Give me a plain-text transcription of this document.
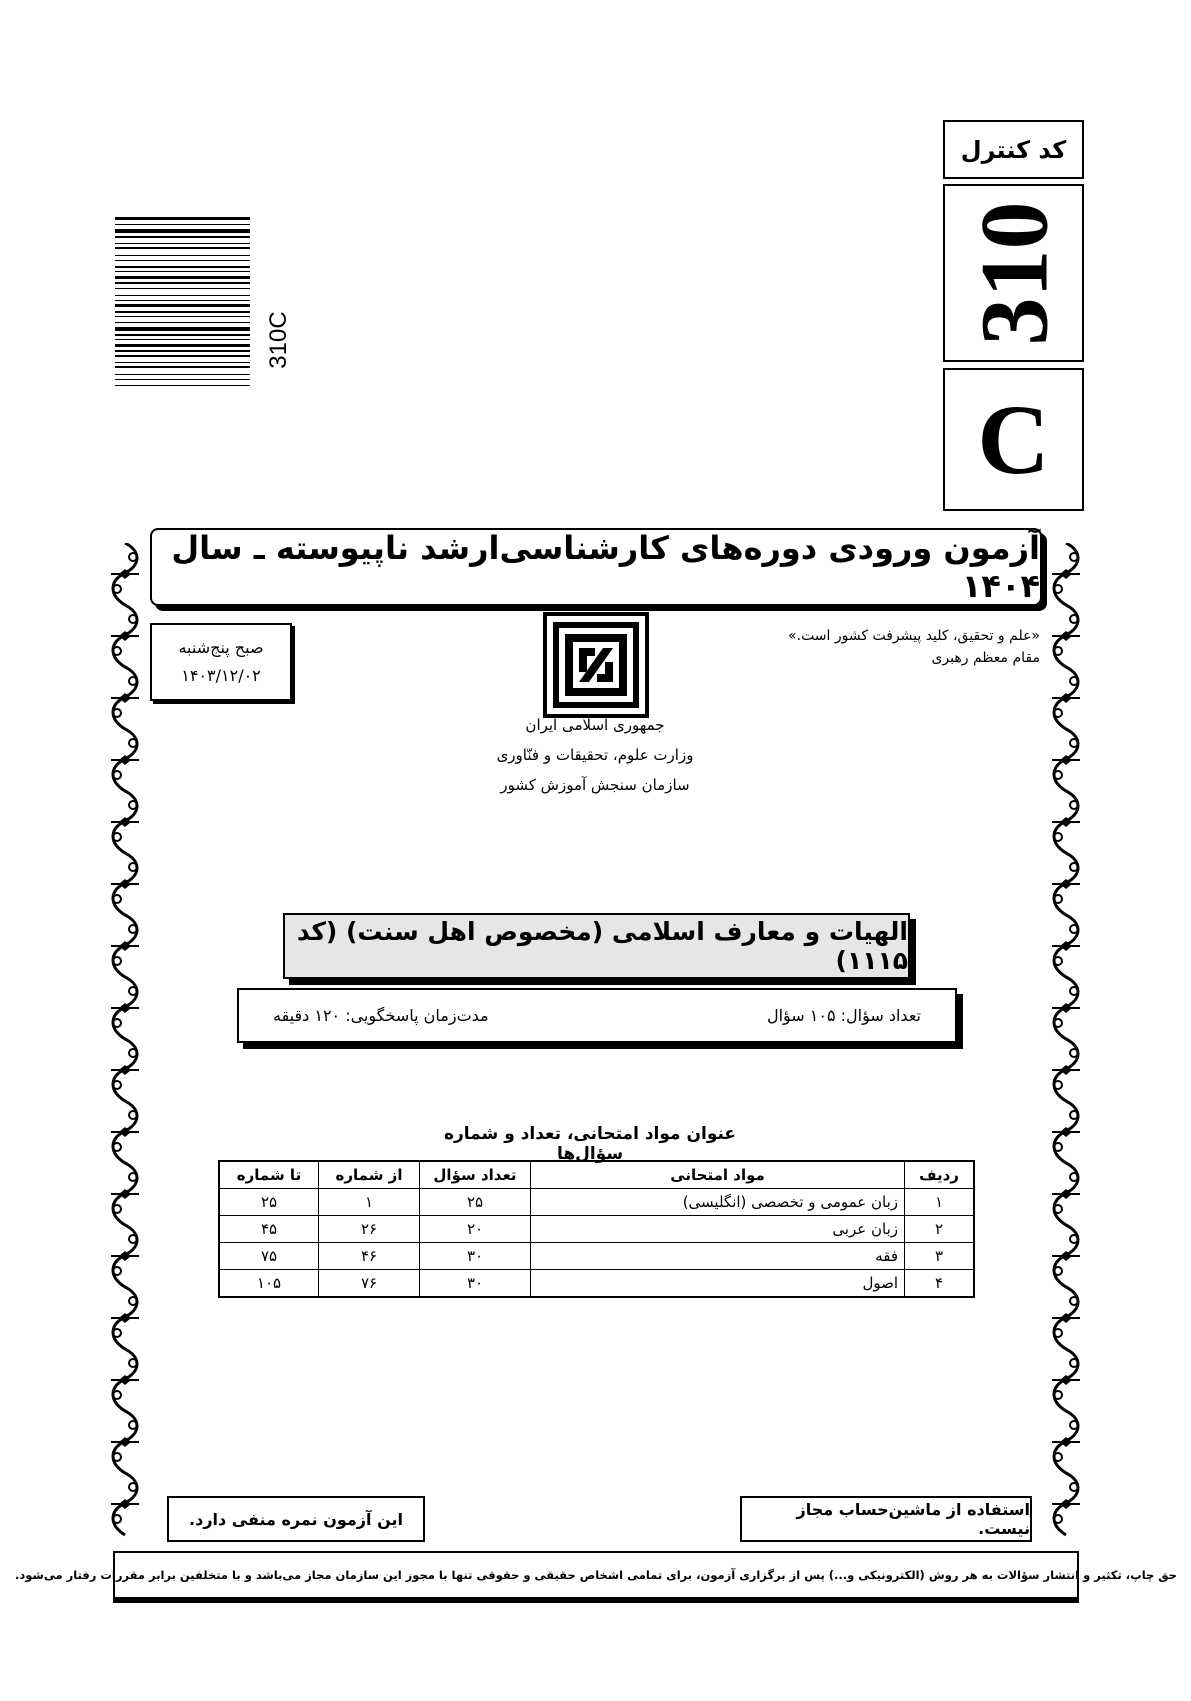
کد کنترل
310
C
310C
آزمون ورودی دوره‌های کارشناسی‌ارشد ناپیوسته ـ سال ۱۴۰۴
صبح پنج‌شنبه
۱۴۰۳/۱۲/۰۲
«علم و تحقیق، کلید پیشرفت کشور است.»
مقام معظم رهبری
جمهوری اسلامی ایران
وزارت علوم، تحقیقات و فنّاوری
سازمان سنجش آموزش کشور
الهیات و معارف اسلامی (مخصوص اهل سنت) (کد ۱۱۱۵)
تعداد سؤال: ۱۰۵ سؤال
مدت‌زمان پاسخگویی: ۱۲۰ دقیقه
عنوان مواد امتحانی، تعداد و شماره سؤال‌ها
ردیف	مواد امتحانی	تعداد سؤال	از شماره	تا شماره
۱	زبان عمومی و تخصصی (انگلیسی)	۲۵	۱	۲۵
۲	زبان عربی	۲۰	۲۶	۴۵
۳	فقه	۳۰	۴۶	۷۵
۴	اصول	۳۰	۷۶	۱۰۵
استفاده از ماشین‌حساب مجاز نیست.
این آزمون نمره منفی دارد.
حق چاپ، تکثیر و انتشار سؤالات به هر روش (الکترونیکی و...) پس از برگزاری آزمون، برای تمامی اشخاص حقیقی و حقوقی تنها با مجوز این سازمان مجاز می‌باشد و با متخلفین برابر مقررات رفتار می‌شود.
